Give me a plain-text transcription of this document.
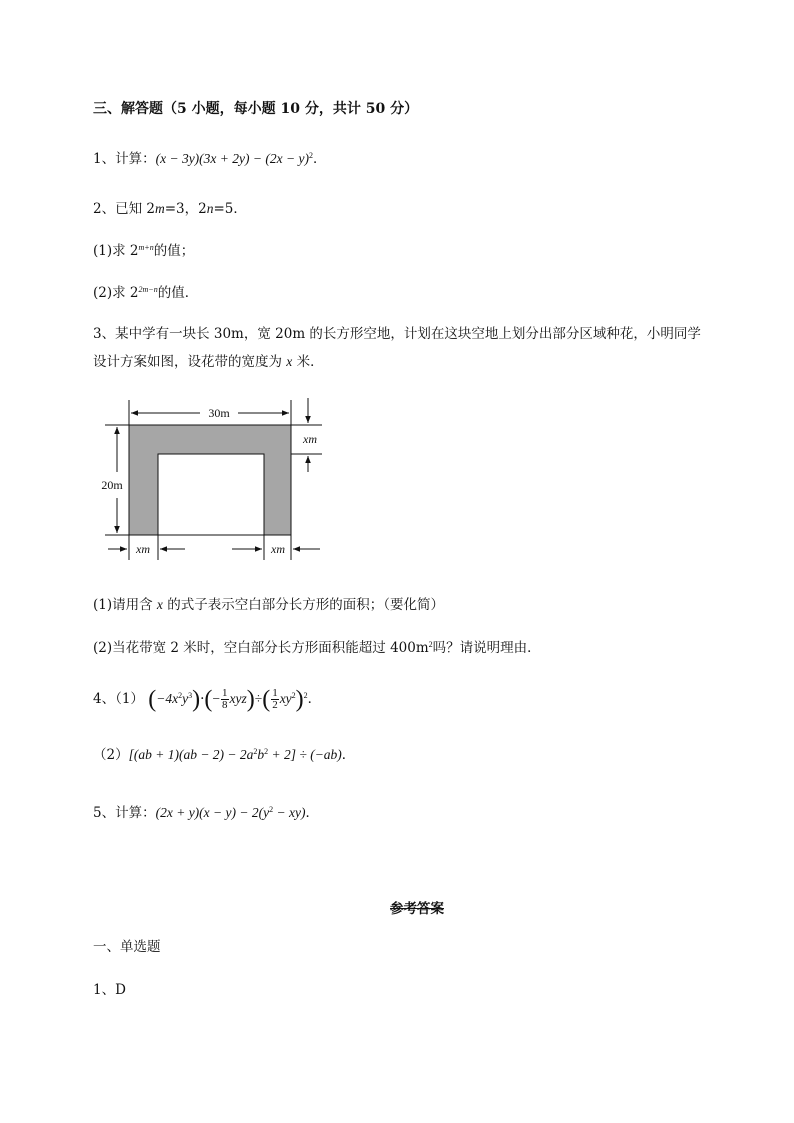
三、解答题（5 小题，每小题 10 分，共计 50 分）
1、计算：$(x - 3y)(3x + 2y) - (2x - y)^2$．
2、已知 2m=3，2n=5．
(1)求 $2^{m+n}$的值；
(2)求 $2^{2m-n}$的值．
3、某中学有一块长 30m，宽 20m 的长方形空地，计划在这块空地上划分出部分区域种花，小明同学
设计方案如图，设花带的宽度为 x 米．
30m
20m
xm
xm	xm
(1)请用含 x 的式子表示空白部分长方形的面积；（要化简）
(2)当花带宽 2 米时，空白部分长方形面积能超过 $400m^2$吗？请说明理由．
4、（1） $(-4x^2y^3)\cdot(- \frac{1}{8} xyz)\div( \frac{1}{2} xy^2)^2$．
$(2)[(ab + 1)(ab - 2) - 2a^2b^2 + 2] \div (-ab)$．
5、计算：$(2x + y)(x - y) - 2(y^2 - xy)$．
参考答案
一、单选题
1、D
